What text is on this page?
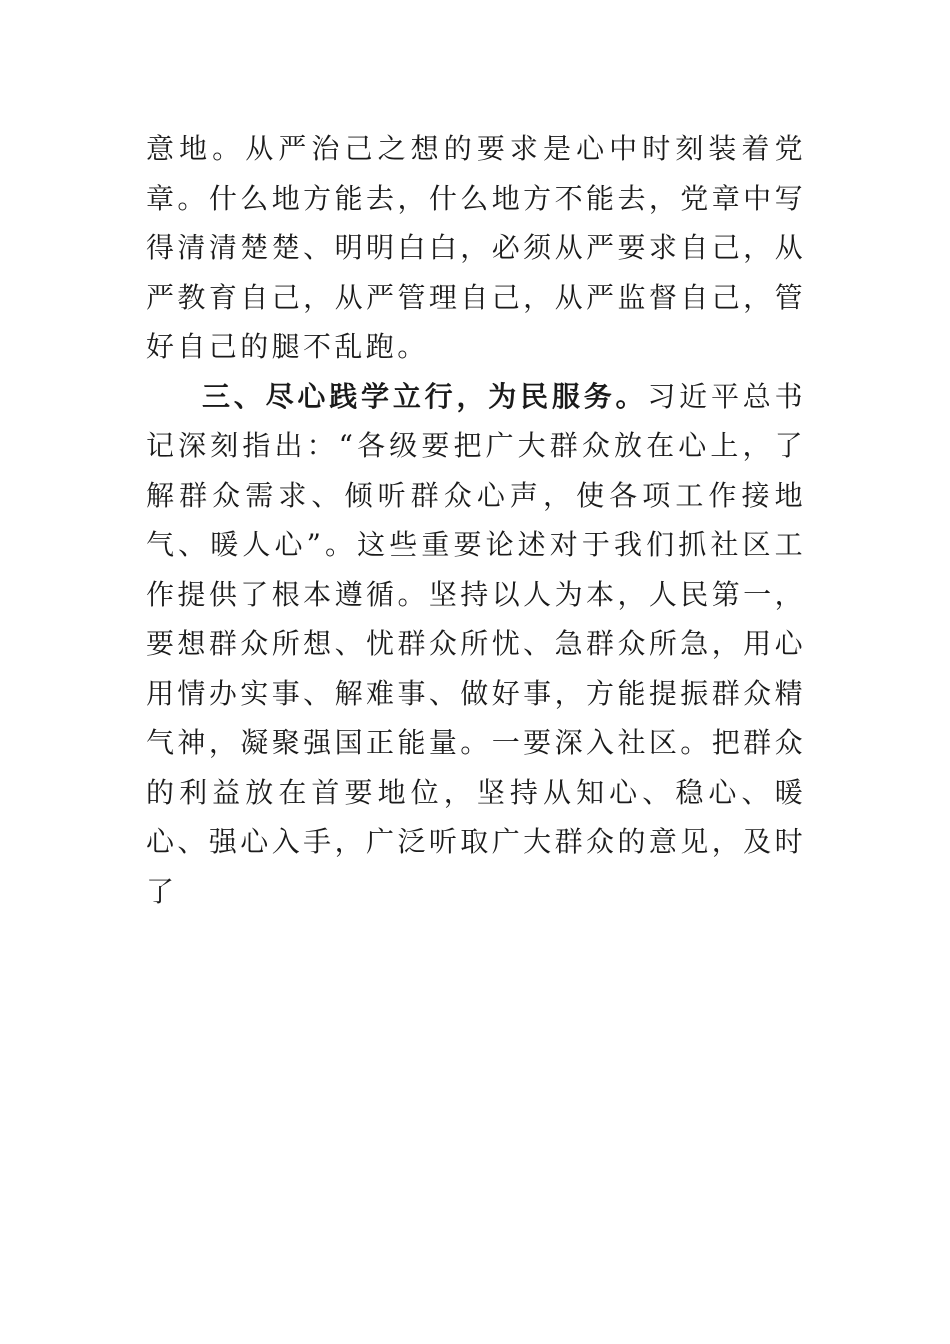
意地。从严治己之想的要求是心中时刻装着党章。什么地方能去，什么地方不能去，党章中写得清清楚楚、明明白白，必须从严要求自己，从严教育自己，从严管理自己，从严监督自己，管好自己的腿不乱跑。

三、尽心践学立行，为民服务。习近平总书记深刻指出：“各级要把广大群众放在心上，了解群众需求、倾听群众心声，使各项工作接地气、暖人心”。这些重要论述对于我们抓社区工作提供了根本遵循。坚持以人为本，人民第一，要想群众所想、忧群众所忧、急群众所急，用心用情办实事、解难事、做好事，方能提振群众精气神，凝聚强国正能量。一要深入社区。把群众的利益放在首要地位，坚持从知心、稳心、暖心、强心入手，广泛听取广大群众的意见，及时了
